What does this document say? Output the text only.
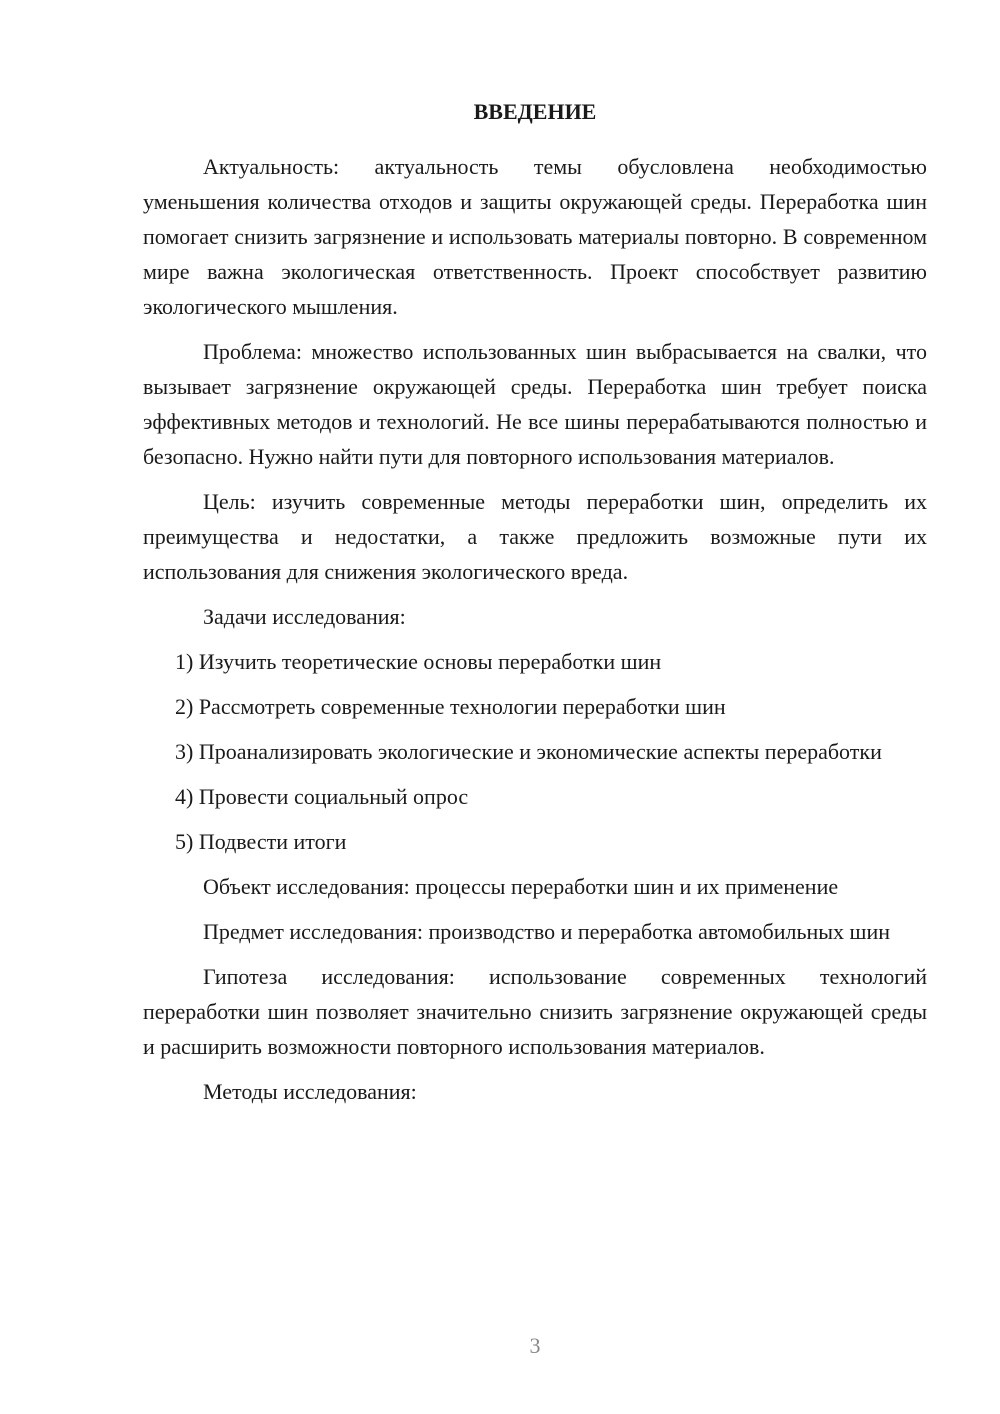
ВВЕДЕНИЕ

Актуальность: актуальность темы обусловлена необходимостью уменьшения количества отходов и защиты окружающей среды. Переработка шин помогает снизить загрязнение и использовать материалы повторно. В современном мире важна экологическая ответственность. Проект способствует развитию экологического мышления.

Проблема: множество использованных шин выбрасывается на свалки, что вызывает загрязнение окружающей среды. Переработка шин требует поиска эффективных методов и технологий. Не все шины перерабатываются полностью и безопасно. Нужно найти пути для повторного использования материалов.

Цель: изучить современные методы переработки шин, определить их преимущества и недостатки, а также предложить возможные пути их использования для снижения экологического вреда.

Задачи исследования:

1) Изучить теоретические основы переработки шин

2) Рассмотреть современные технологии переработки шин

3) Проанализировать экологические и экономические аспекты переработки

4) Провести социальный опрос

5) Подвести итоги

Объект исследования: процессы переработки шин и их применение

Предмет исследования: производство и переработка автомобильных шин

Гипотеза исследования: использование современных технологий переработки шин позволяет значительно снизить загрязнение окружающей среды и расширить возможности повторного использования материалов.

Методы исследования:

3
